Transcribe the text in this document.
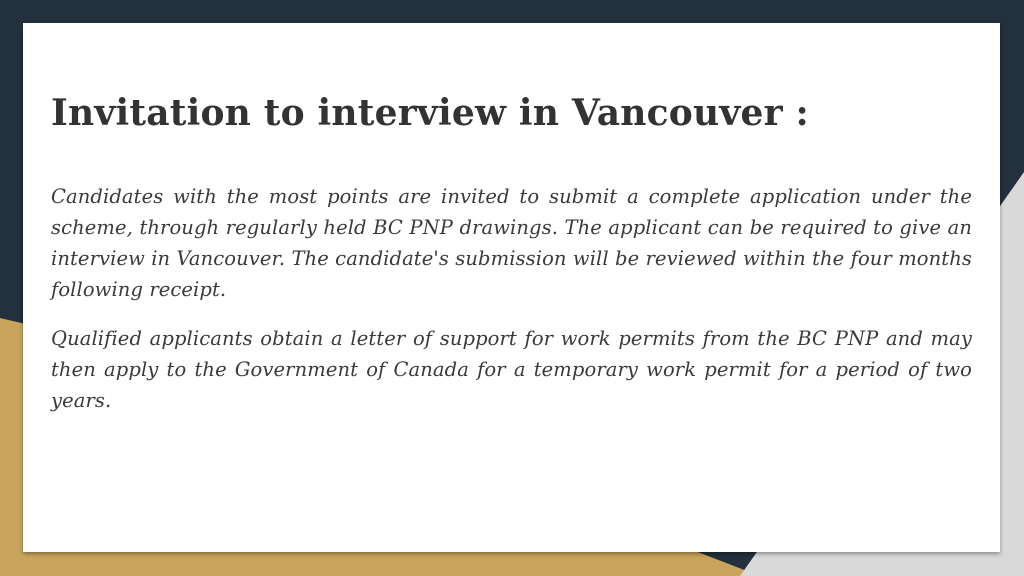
Invitation to interview in Vancouver :

Candidates with the most points are invited to submit a complete application under the scheme, through regularly held BC PNP drawings. The applicant can be required to give an interview in Vancouver. The candidate's submission will be reviewed within the four months following receipt.

Qualified applicants obtain a letter of support for work permits from the BC PNP and may then apply to the Government of Canada for a temporary work permit for a period of two years.
